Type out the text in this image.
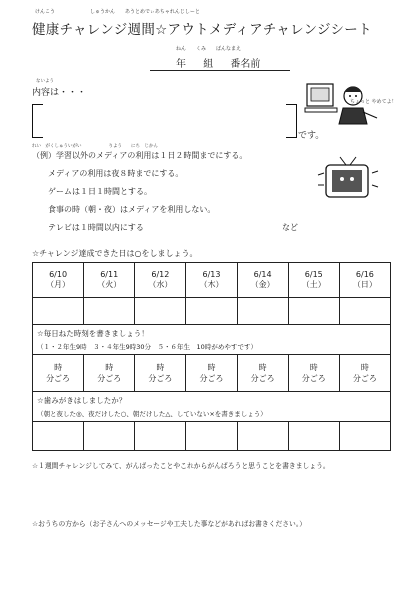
けんこう　　　　　　　しゅうかん　　あうとめでぃあちゃれんじしーと
健康チャレンジ週間☆アウトメディアチャレンジシート
ねん　　くみ　　ばんなまえ
年 組 番名前
ないよう
内容は・・・
です。
ちょっと やめてよ！
れい　がくしゅういがい　　　　　　りよう　　にち　じかん
（例）学習以外のメディアの利用は１日２時間までにする。
メディアの利用は夜８時までにする。
ゲームは１日１時間とする。
食事の時（朝・夜）はメディアを利用しない。
テレビは１時間以内にする	など
☆チャレンジ達成できた日は○をしましょう。
6/10
（月）
6/11
（火）
6/12
（水）
6/13
（木）
6/14
（金）
6/15
（土）
6/16
（日）
☆毎日ねた時刻を書きましょう！
（１・２年生9時　３・４年生9時30分　５・６年生　10時がめやすです）
時
分ごろ
時
分ごろ
時
分ごろ
時
分ごろ
時
分ごろ
時
分ごろ
時
分ごろ
☆歯みがきはしましたか？
（朝と夜した◎、夜だけした○、朝だけした△、していない×を書きましょう）
☆１週間チャレンジしてみて、がんばったことやこれからがんばろうと思うことを書きましょう。
☆おうちの方から（お子さんへのメッセージや工夫した事などがあればお書きください。）
